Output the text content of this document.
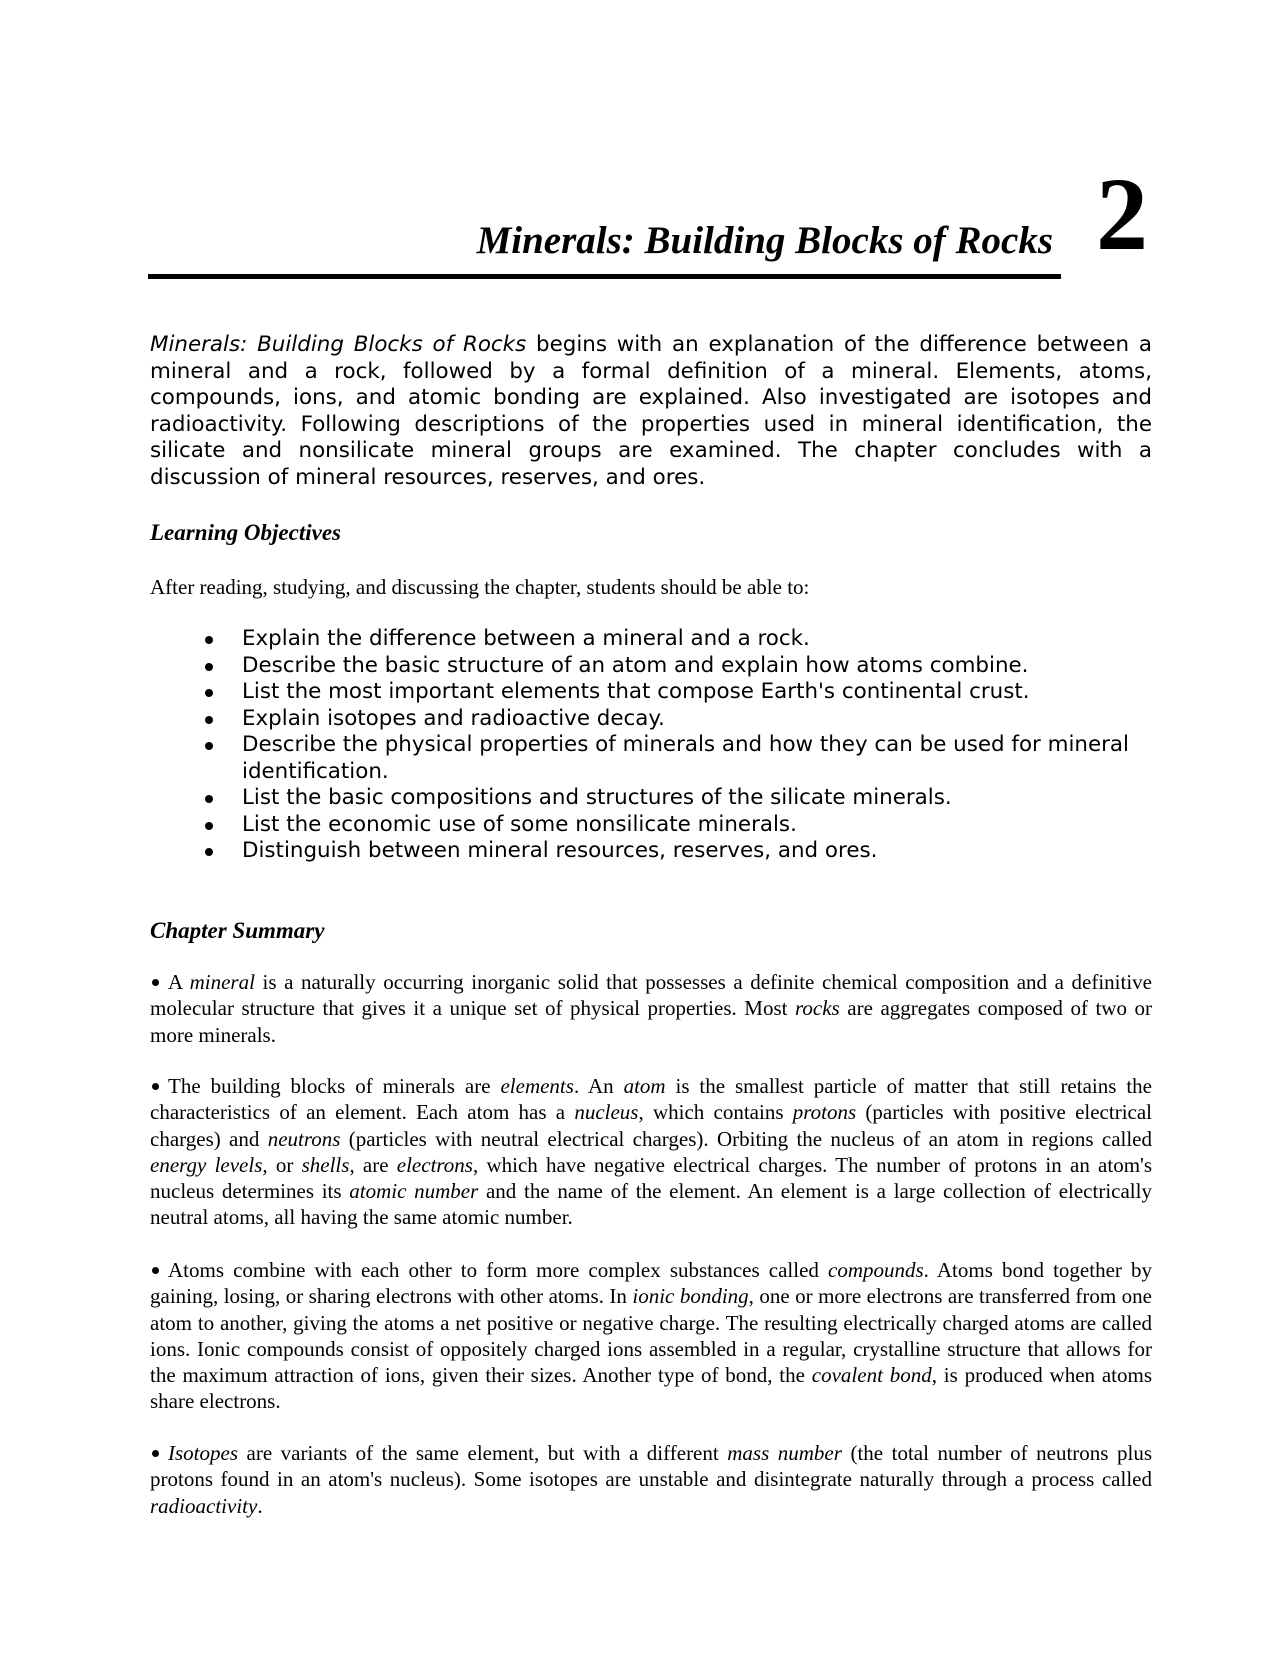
Minerals: Building Blocks of Rocks 2

Minerals: Building Blocks of Rocks begins with an explanation of the difference between a mineral and a rock, followed by a formal definition of a mineral. Elements, atoms, compounds, ions, and atomic bonding are explained. Also investigated are isotopes and radioactivity. Following descriptions of the properties used in mineral identification, the silicate and nonsilicate mineral groups are examined. The chapter concludes with a discussion of mineral resources, reserves, and ores.

Learning Objectives

After reading, studying, and discussing the chapter, students should be able to:

Explain the difference between a mineral and a rock.
Describe the basic structure of an atom and explain how atoms combine.
List the most important elements that compose Earth's continental crust.
Explain isotopes and radioactive decay.
Describe the physical properties of minerals and how they can be used for mineral identification.
List the basic compositions and structures of the silicate minerals.
List the economic use of some nonsilicate minerals.
Distinguish between mineral resources, reserves, and ores.
Chapter Summary

A mineral is a naturally occurring inorganic solid that possesses a definite chemical composition and a definitive molecular structure that gives it a unique set of physical properties. Most rocks are aggregates composed of two or more minerals.

The building blocks of minerals are elements. An atom is the smallest particle of matter that still retains the characteristics of an element. Each atom has a nucleus, which contains protons (particles with positive electrical charges) and neutrons (particles with neutral electrical charges). Orbiting the nucleus of an atom in regions called energy levels, or shells, are electrons, which have negative electrical charges. The number of protons in an atom's nucleus determines its atomic number and the name of the element. An element is a large collection of electrically neutral atoms, all having the same atomic number.

Atoms combine with each other to form more complex substances called compounds. Atoms bond together by gaining, losing, or sharing electrons with other atoms. In ionic bonding, one or more electrons are transferred from one atom to another, giving the atoms a net positive or negative charge. The resulting electrically charged atoms are called ions. Ionic compounds consist of oppositely charged ions assembled in a regular, crystalline structure that allows for the maximum attraction of ions, given their sizes. Another type of bond, the covalent bond, is produced when atoms share electrons.

Isotopes are variants of the same element, but with a different mass number (the total number of neutrons plus protons found in an atom's nucleus). Some isotopes are unstable and disintegrate naturally through a process called radioactivity.
